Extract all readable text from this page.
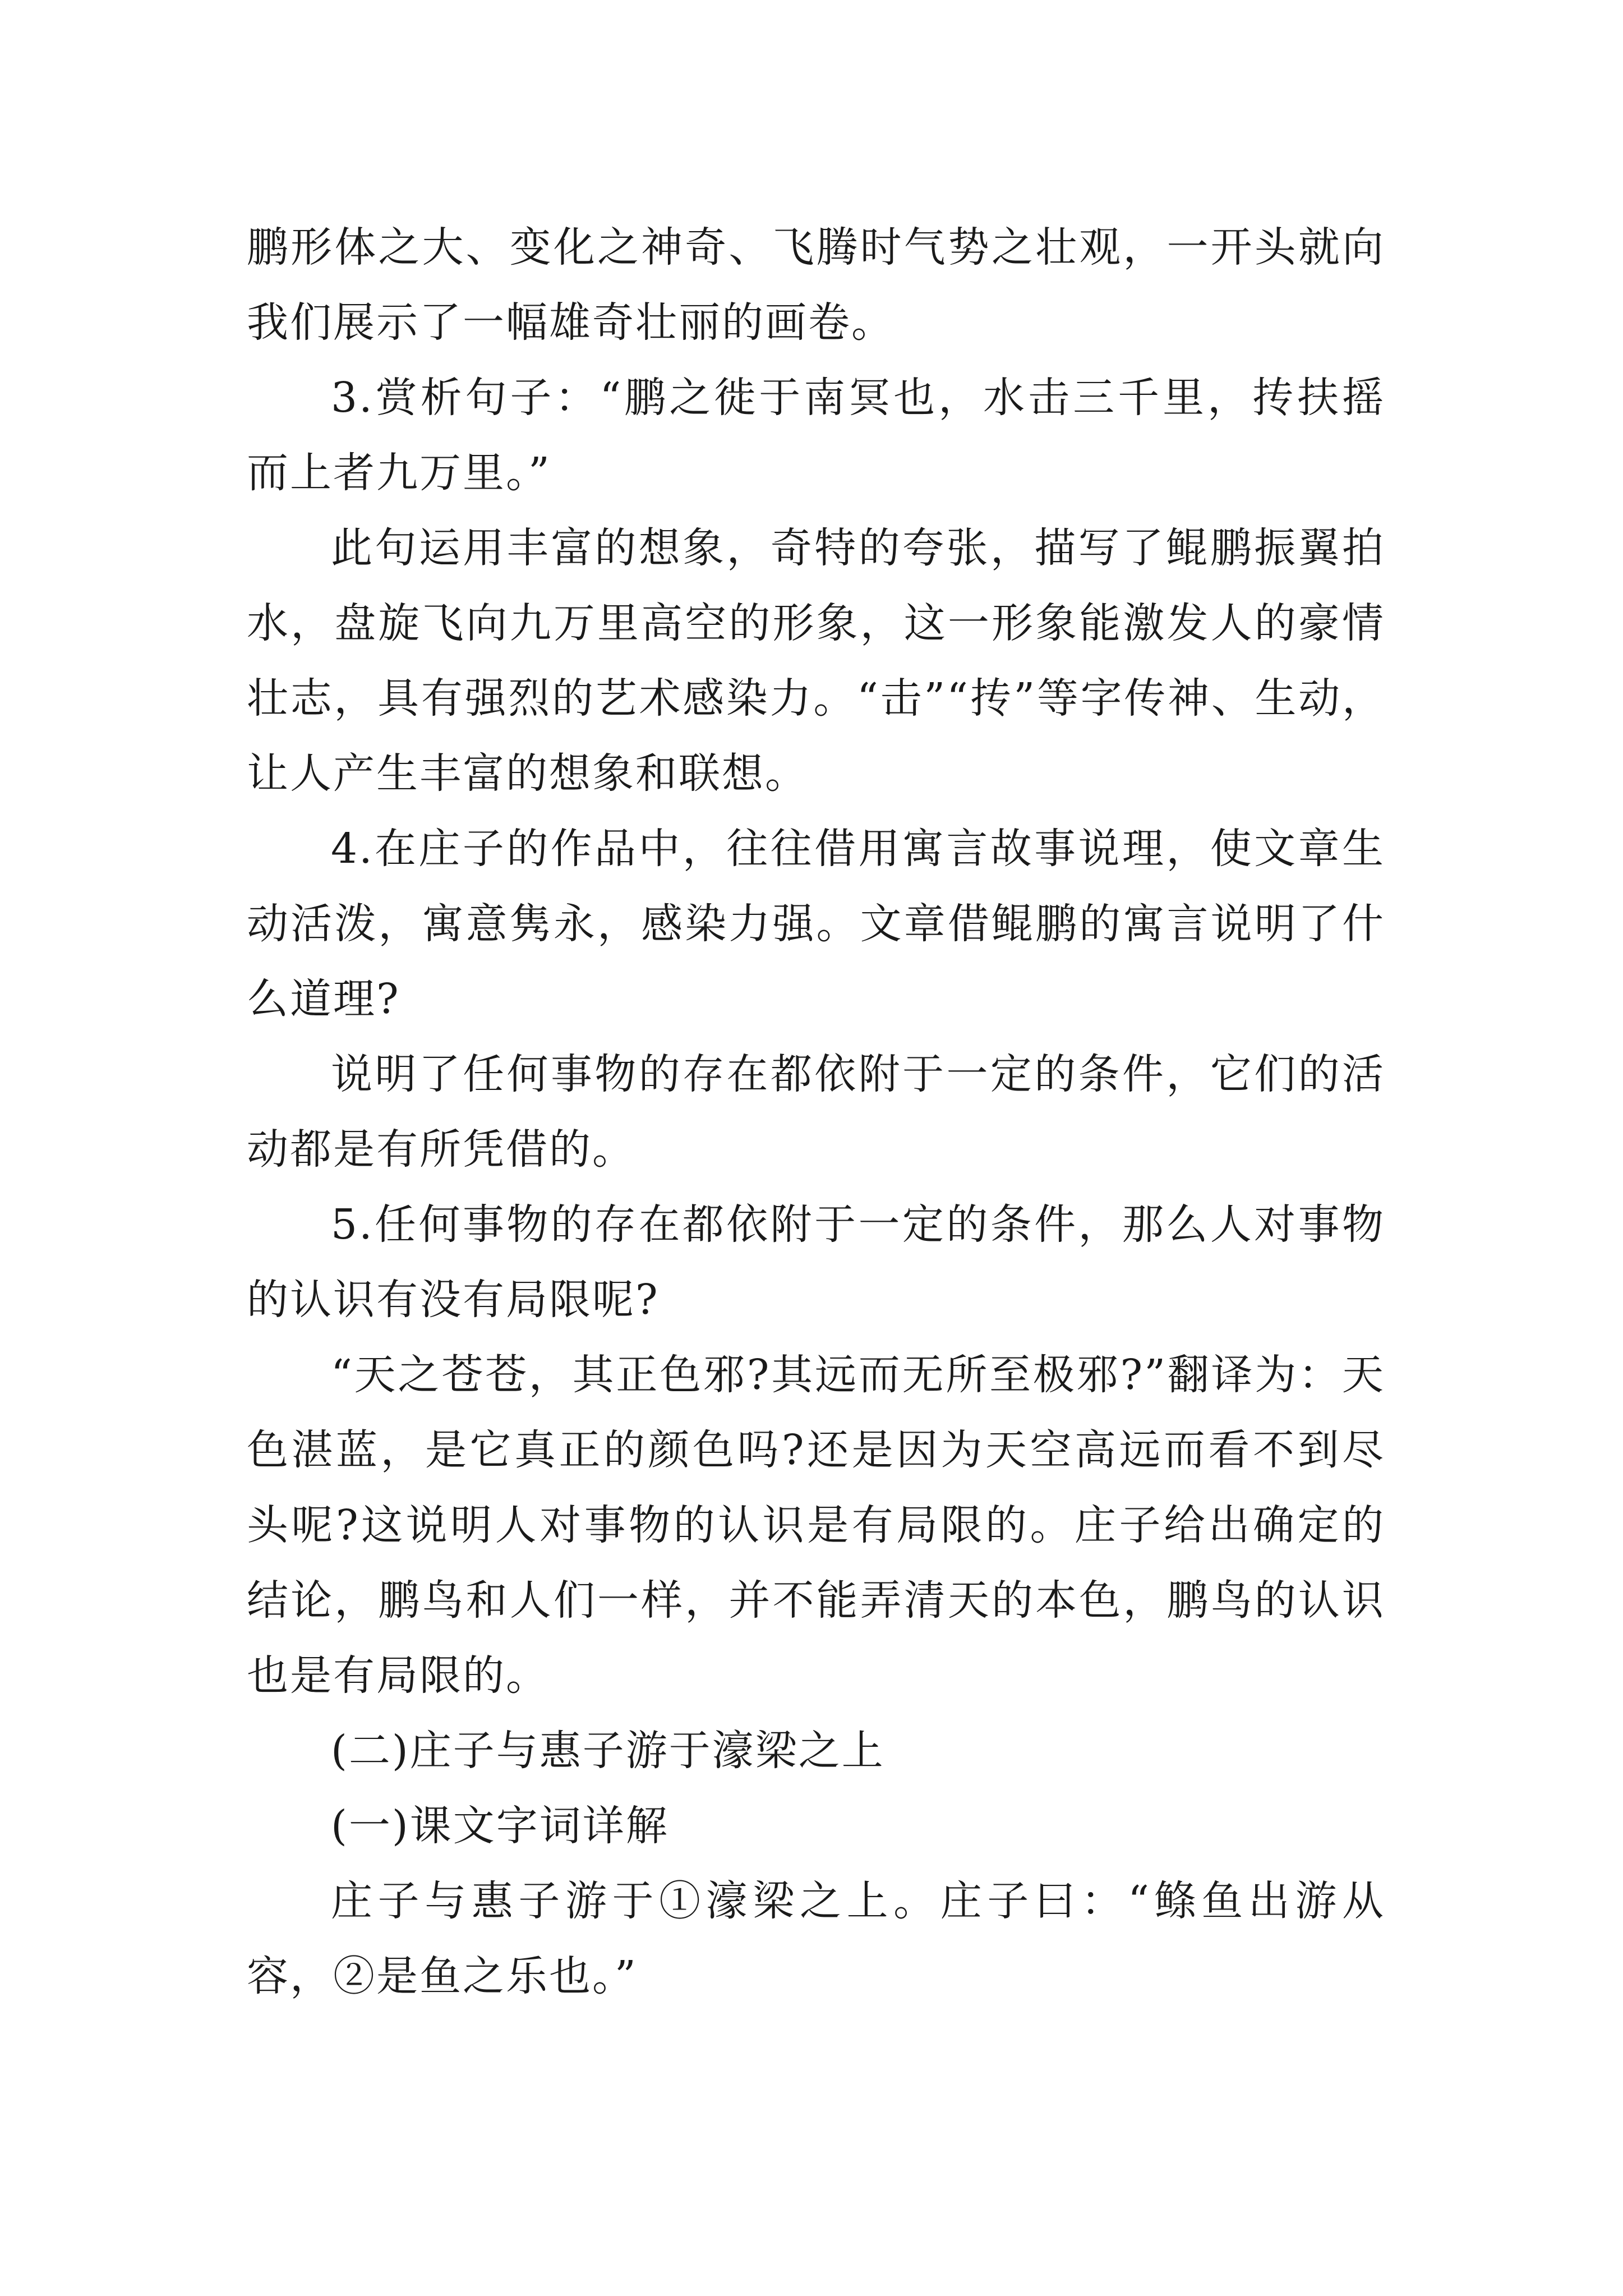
鹏形体之大、变化之神奇、飞腾时气势之壮观，一开头就向我们展示了一幅雄奇壮丽的画卷。

3.赏析句子：“鹏之徙于南冥也，水击三千里，抟扶摇而上者九万里。”

此句运用丰富的想象，奇特的夸张，描写了鲲鹏振翼拍水，盘旋飞向九万里高空的形象，这一形象能激发人的豪情壮志，具有强烈的艺术感染力。“击”“抟”等字传神、生动，让人产生丰富的想象和联想。

4.在庄子的作品中，往往借用寓言故事说理，使文章生动活泼，寓意隽永，感染力强。文章借鲲鹏的寓言说明了什么道理?

说明了任何事物的存在都依附于一定的条件，它们的活动都是有所凭借的。

5.任何事物的存在都依附于一定的条件，那么人对事物的认识有没有局限呢?

“天之苍苍，其正色邪?其远而无所至极邪?”翻译为：天色湛蓝，是它真正的颜色吗?还是因为天空高远而看不到尽头呢?这说明人对事物的认识是有局限的。庄子给出确定的结论，鹏鸟和人们一样，并不能弄清天的本色，鹏鸟的认识也是有局限的。

(二)庄子与惠子游于濠梁之上

(一)课文字词详解

庄子与惠子游于①濠梁之上。庄子曰：“鲦鱼出游从容，②是鱼之乐也。”
